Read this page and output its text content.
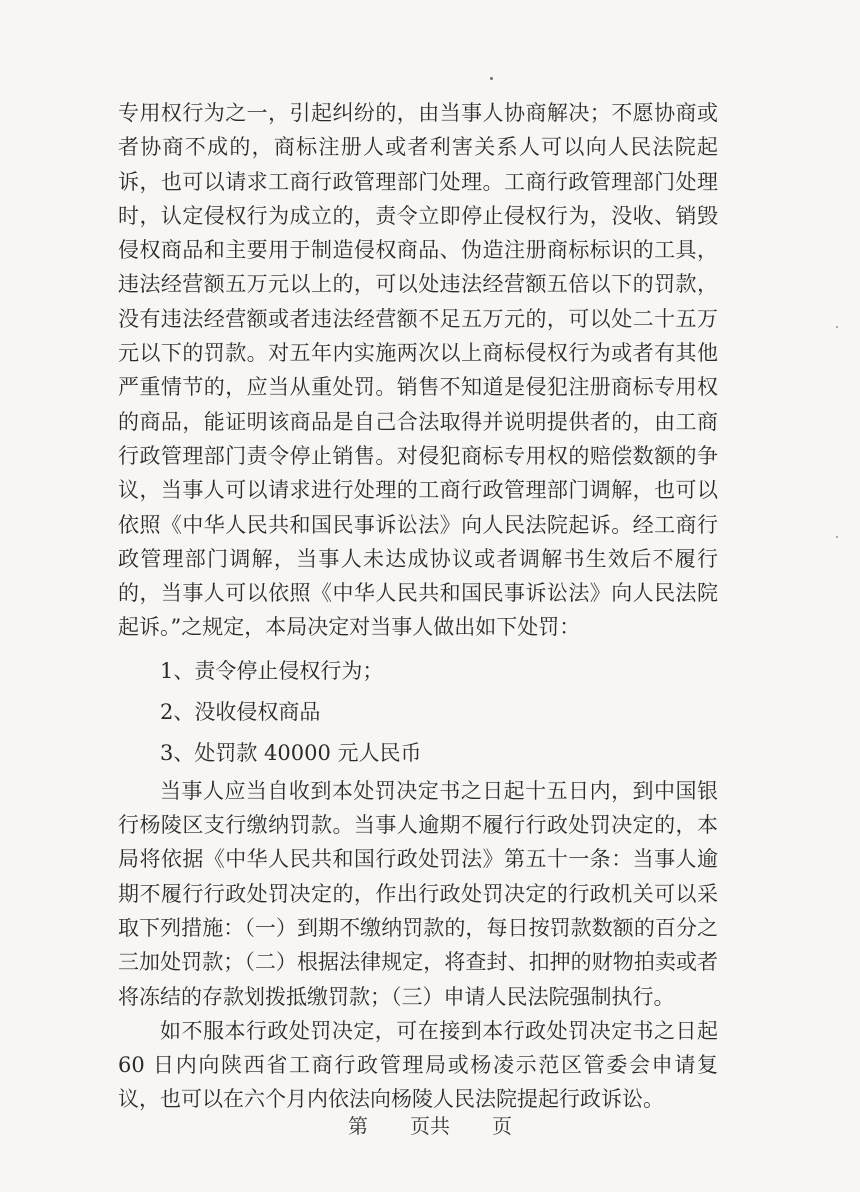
专用权行为之一，引起纠纷的，由当事人协商解决；不愿协商或者协商不成的，商标注册人或者利害关系人可以向人民法院起诉，也可以请求工商行政管理部门处理。工商行政管理部门处理时，认定侵权行为成立的，责令立即停止侵权行为，没收、销毁侵权商品和主要用于制造侵权商品、伪造注册商标标识的工具，违法经营额五万元以上的，可以处违法经营额五倍以下的罚款，没有违法经营额或者违法经营额不足五万元的，可以处二十五万元以下的罚款。对五年内实施两次以上商标侵权行为或者有其他严重情节的，应当从重处罚。销售不知道是侵犯注册商标专用权的商品，能证明该商品是自己合法取得并说明提供者的，由工商行政管理部门责令停止销售。对侵犯商标专用权的赔偿数额的争议，当事人可以请求进行处理的工商行政管理部门调解，也可以依照《中华人民共和国民事诉讼法》向人民法院起诉。经工商行政管理部门调解，当事人未达成协议或者调解书生效后不履行的，当事人可以依照《中华人民共和国民事诉讼法》向人民法院起诉。”之规定，本局决定对当事人做出如下处罚：

1、责令停止侵权行为；
2、没收侵权商品
3、处罚款 40000 元人民币

当事人应当自收到本处罚决定书之日起十五日内，到中国银行杨陵区支行缴纳罚款。当事人逾期不履行行政处罚决定的，本局将依据《中华人民共和国行政处罚法》第五十一条：当事人逾期不履行行政处罚决定的，作出行政处罚决定的行政机关可以采取下列措施：（一）到期不缴纳罚款的，每日按罚款数额的百分之三加处罚款；（二）根据法律规定，将查封、扣押的财物拍卖或者将冻结的存款划拨抵缴罚款；（三）申请人民法院强制执行。

如不服本行政处罚决定，可在接到本行政处罚决定书之日起 60 日内向陕西省工商行政管理局或杨凌示范区管委会申请复议，也可以在六个月内依法向杨陵人民法院提起行政诉讼。

第 页共 页
